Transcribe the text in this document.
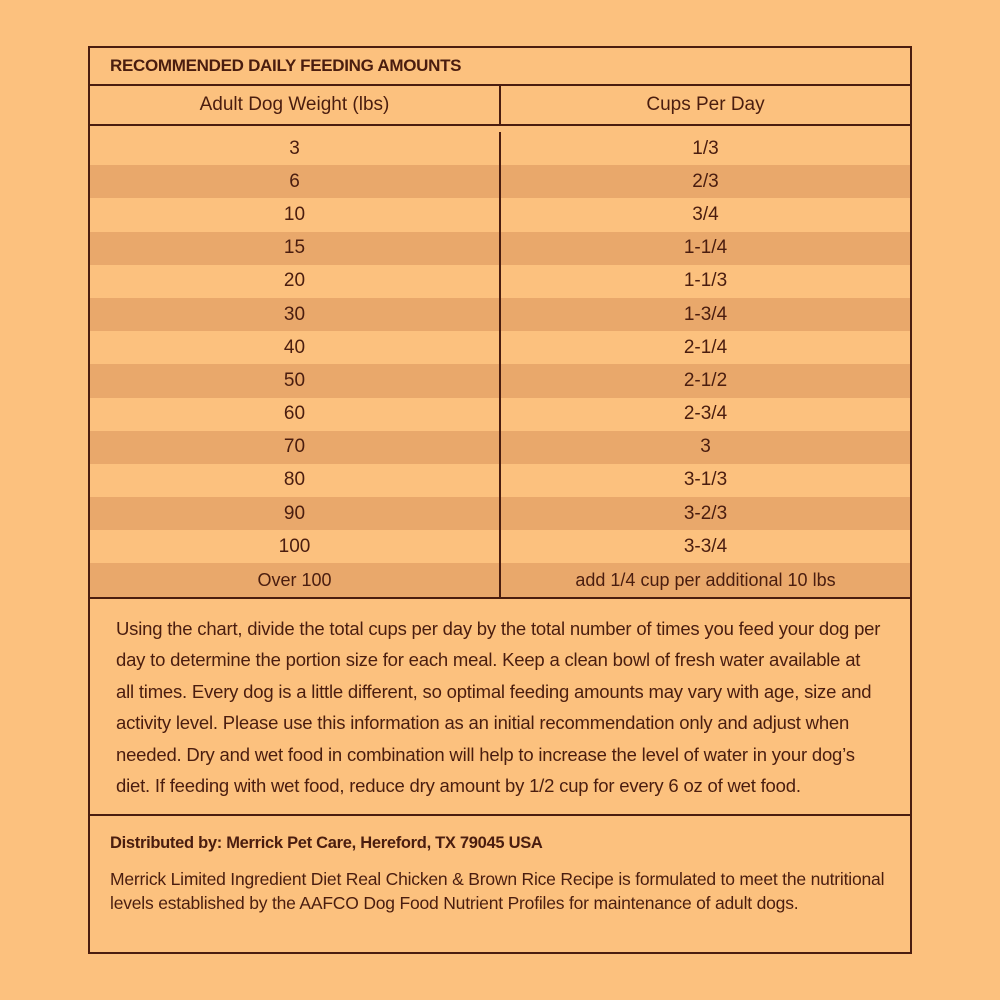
RECOMMENDED DAILY FEEDING AMOUNTS
Adult Dog Weight (lbs)	Cups Per Day
3	1/3
6	2/3
10	3/4
15	1-1/4
20	1-1/3
30	1-3/4
40	2-1/4
50	2-1/2
60	2-3/4
70	3
80	3-1/3
90	3-2/3
100	3-3/4
Over 100	add 1/4 cup per additional 10 lbs
Using the chart, divide the total cups per day by the total number of times you feed your dog per day to determine the portion size for each meal. Keep a clean bowl of fresh water available at all times. Every dog is a little different, so optimal feeding amounts may vary with age, size and activity level. Please use this information as an initial recommendation only and adjust when needed. Dry and wet food in combination will help to increase the level of water in your dog’s diet. If feeding with wet food, reduce dry amount by 1/2 cup for every 6 oz of wet food.
Distributed by: Merrick Pet Care, Hereford, TX 79045 USA
Merrick Limited Ingredient Diet Real Chicken & Brown Rice Recipe is formulated to meet the nutritional levels established by the AAFCO Dog Food Nutrient Profiles for maintenance of adult dogs.
